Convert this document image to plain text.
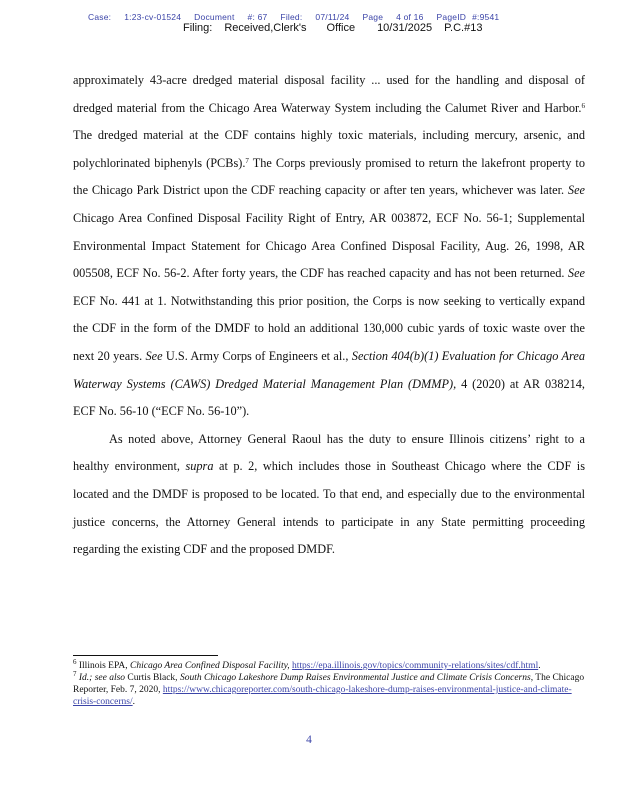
Case: 1:23-cv-01524 Document #: 67 Filed: 07/11/24 Page 4 of 16 PageID #:9541
Filing: Received,Clerk's Office 10/31/2025 P.C.#13

approximately 43-acre dredged material disposal facility ... used for the handling and disposal of dredged material from the Chicago Area Waterway System including the Calumet River and Harbor.$^6$ The dredged material at the CDF contains highly toxic materials, including mercury, arsenic, and polychlorinated biphenyls (PCBs).$^7$ The Corps previously promised to return the lakefront property to the Chicago Park District upon the CDF reaching capacity or after ten years, whichever was later. See Chicago Area Confined Disposal Facility Right of Entry, AR 003872, ECF No. 56-1; Supplemental Environmental Impact Statement for Chicago Area Confined Disposal Facility, Aug. 26, 1998, AR 005508, ECF No. 56-2. After forty years, the CDF has reached capacity and has not been returned. See ECF No. 441 at 1. Notwithstanding this prior position, the Corps is now seeking to vertically expand the CDF in the form of the DMDF to hold an additional 130,000 cubic yards of toxic waste over the next 20 years. See U.S. Army Corps of Engineers et al., Section 404(b)(1) Evaluation for Chicago Area Waterway Systems (CAWS) Dredged Material Management Plan (DMMP), 4 (2020) at AR 038214, ECF No. 56-10 (“ECF No. 56-10”).

As noted above, Attorney General Raoul has the duty to ensure Illinois citizens’ right to a healthy environment, supra at p. 2, which includes those in Southeast Chicago where the CDF is located and the DMDF is proposed to be located. To that end, and especially due to the environmental justice concerns, the Attorney General intends to participate in any State permitting proceeding regarding the existing CDF and the proposed DMDF.

$^6$ Illinois EPA, Chicago Area Confined Disposal Facility, https://epa.illinois.gov/topics/community-relations/sites/cdf.html.

$^7$ Id.; see also Curtis Black, South Chicago Lakeshore Dump Raises Environmental Justice and Climate Crisis Concerns, The Chicago Reporter, Feb. 7, 2020, https://www.chicagoreporter.com/south-chicago-lakeshore-dump-raises-environmental-justice-and-climate-crisis-concerns/.

4
